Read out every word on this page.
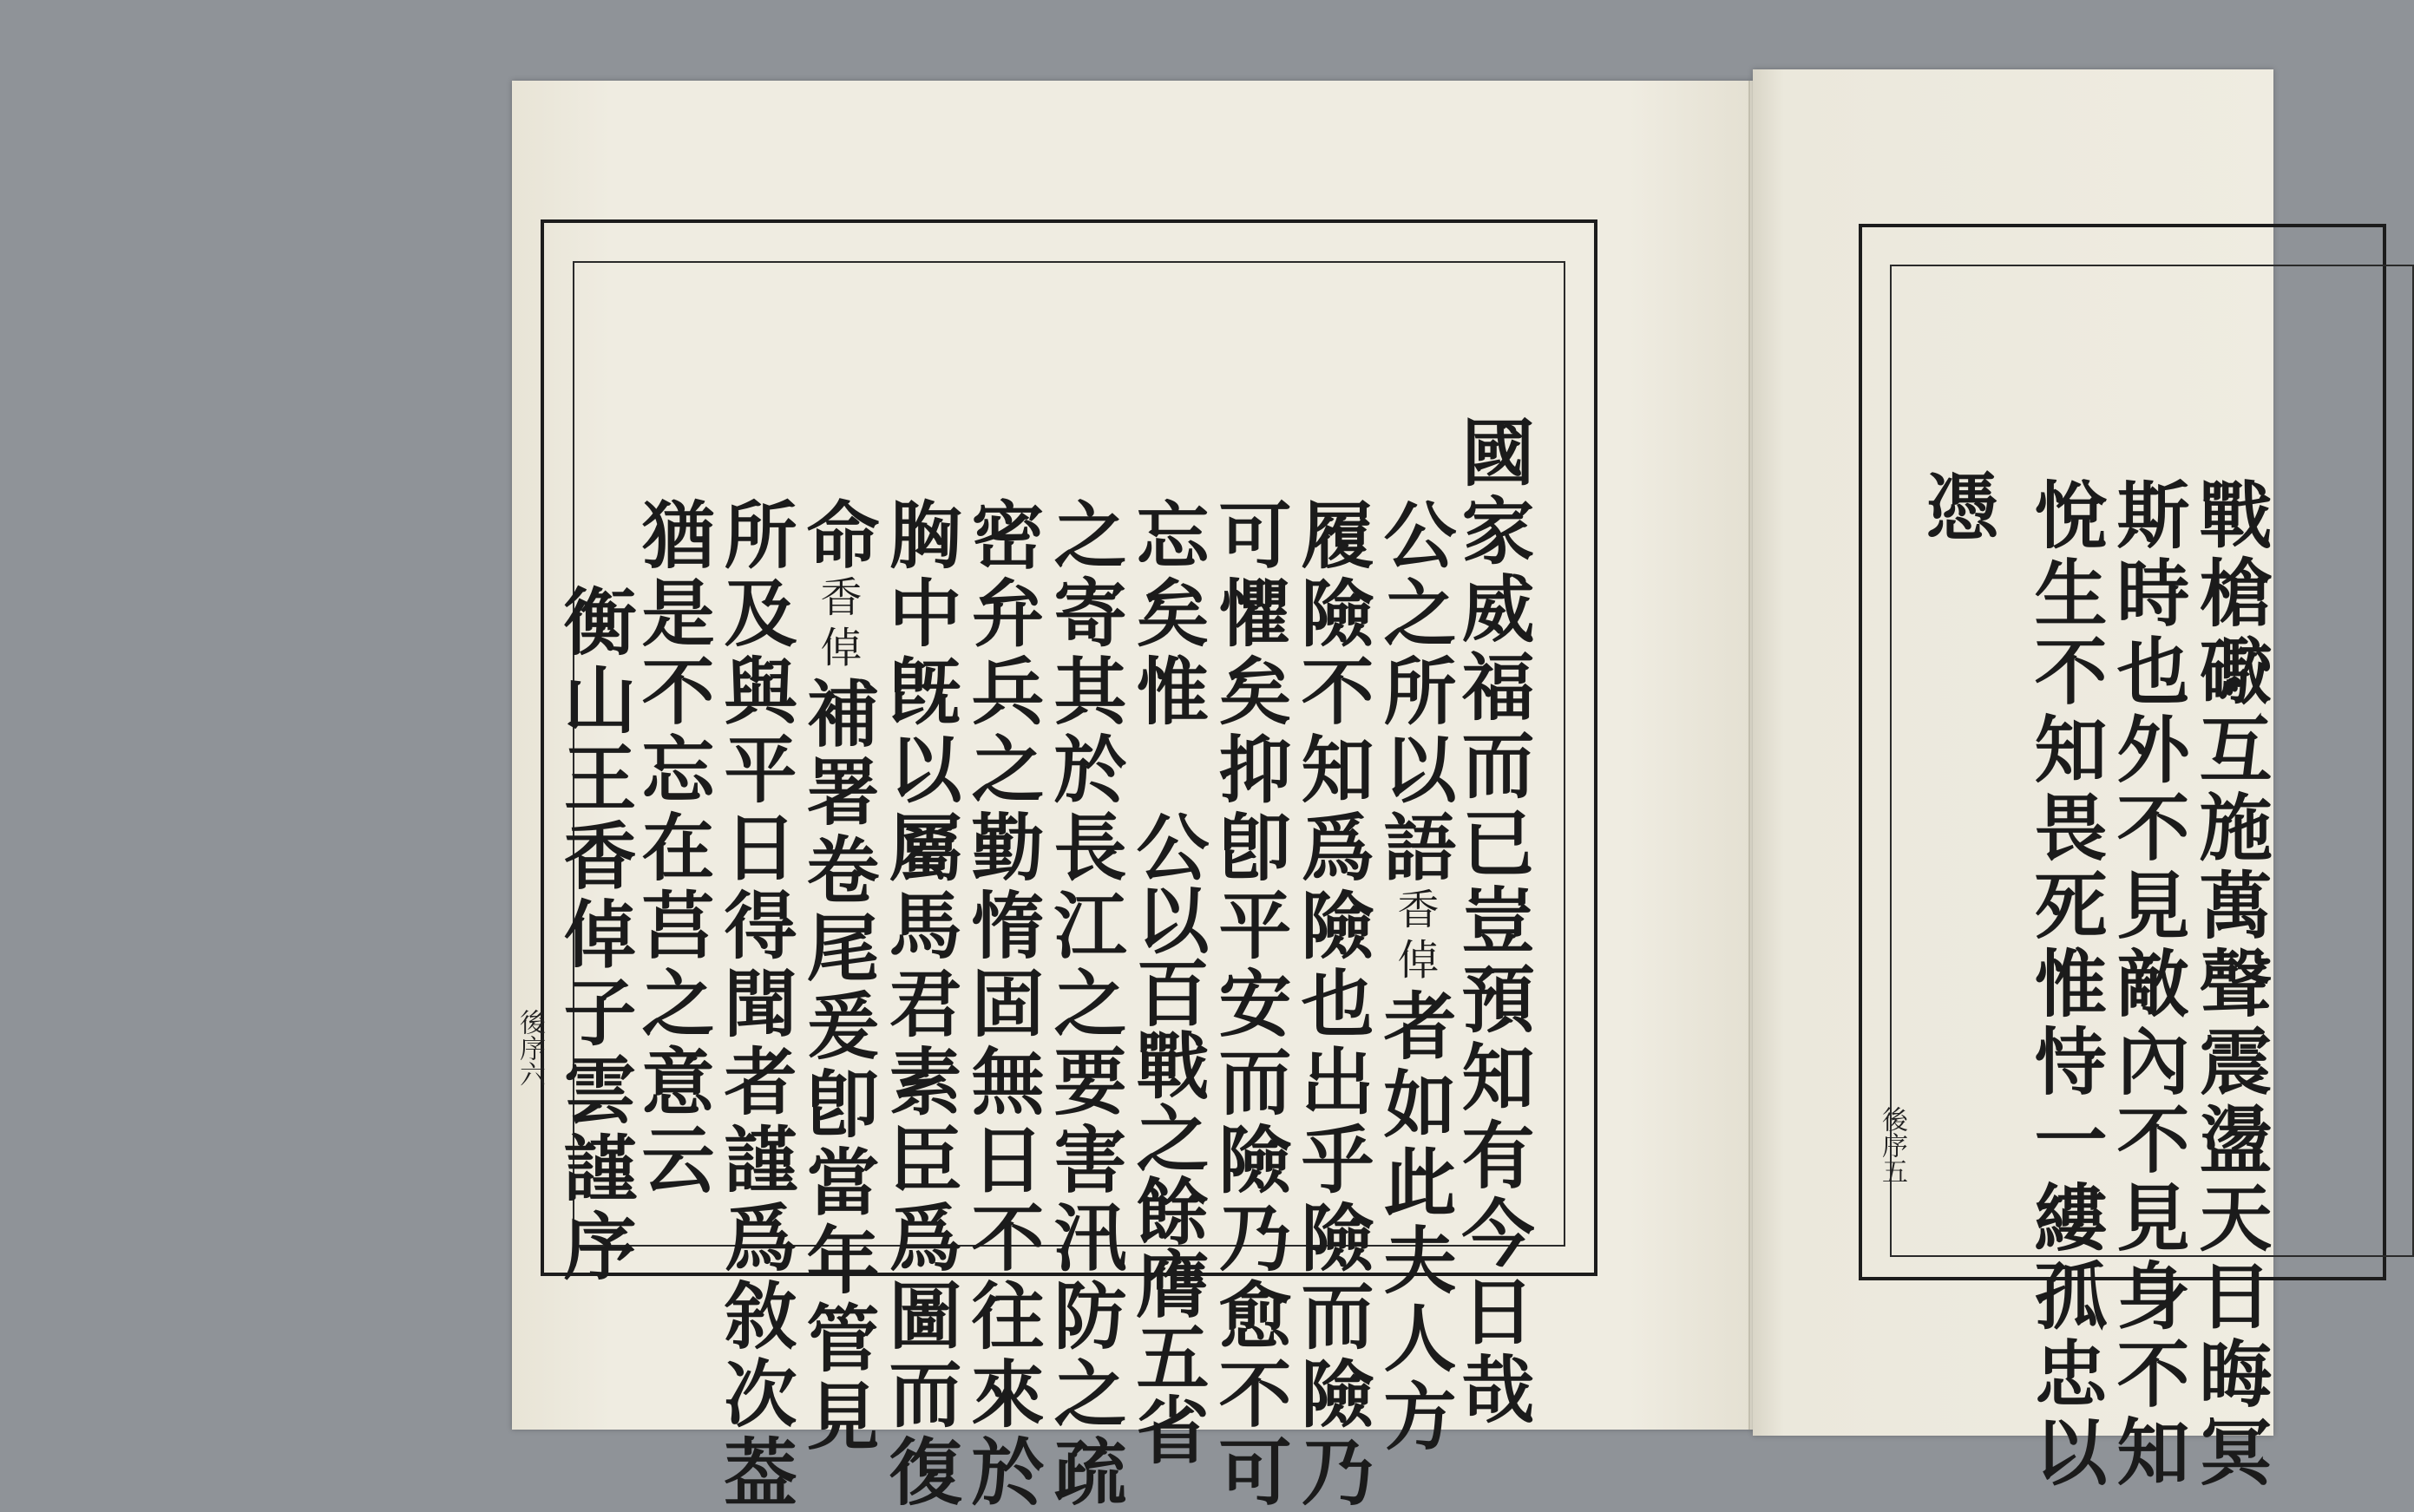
國家威福而已豈預知有今日哉
公之所以語香倬者如此夫人方
履險不知爲險也出乎險而險乃
可懼矣抑卽平安而險乃愈不可
忘矣惟公以百戰之餘膺五省
之寄其於長江之要害汛防之疏
密弁兵之勤惰固無日不往來於
胸中旣以屬馬君素臣爲圖而復
命香倬補署卷尾爰卽當年管見
所及與平日得聞者謹爲敘次葢
猶是不忘在莒之意云
衡山王香倬子雲謹序
後序六	戰槍礮互施萬聲震盪天日晦冥
斯時也外不見敵內不見身不知
悅生不知畏死惟恃一縷孤忠以
憑
後序五
